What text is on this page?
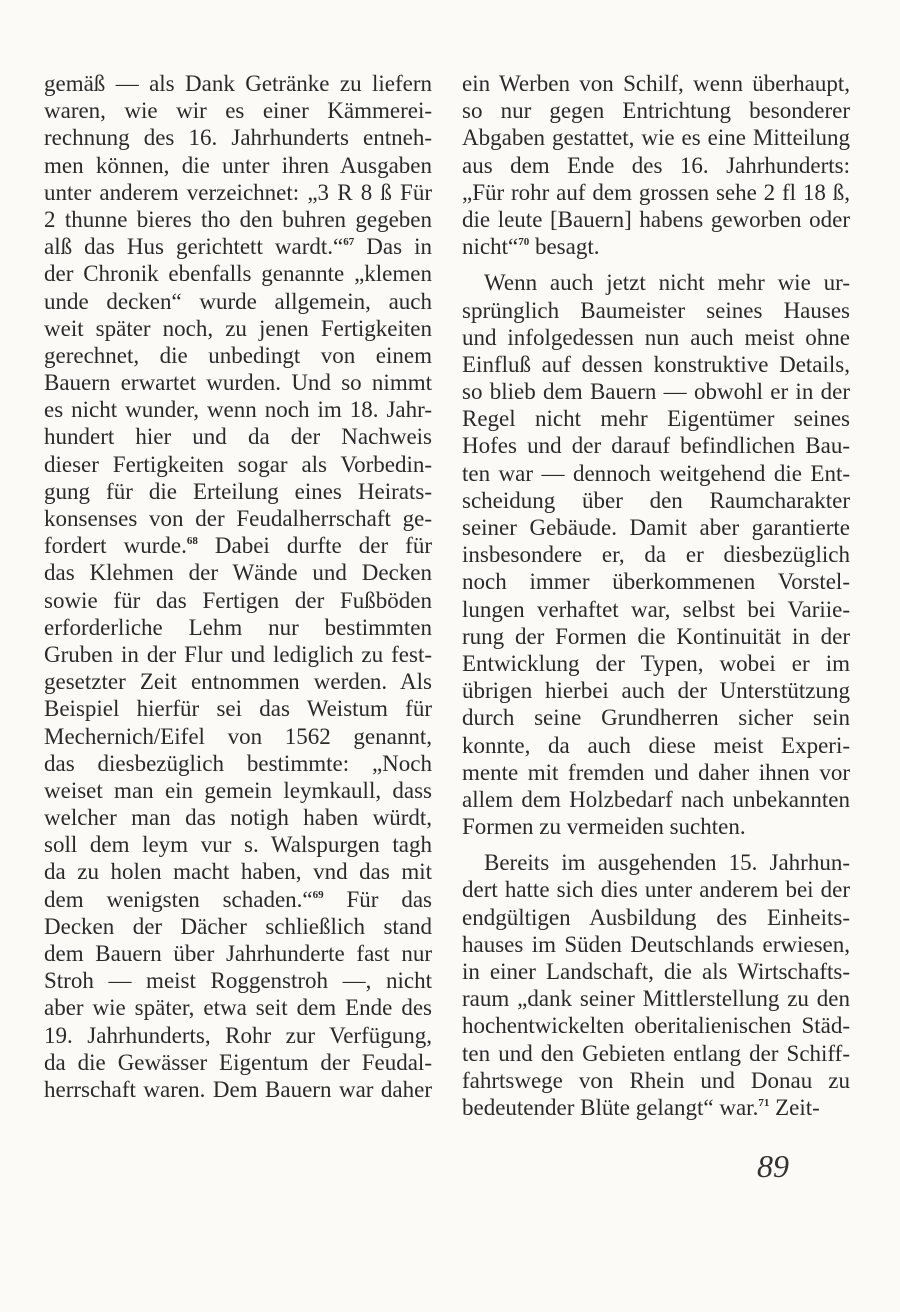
gemäß — als Dank Getränke zu liefern
waren, wie wir es einer Kämmerei-
rechnung des 16. Jahrhunderts entneh-
men können, die unter ihren Ausgaben
unter anderem verzeichnet: „3 R 8 ß Für
2 thunne bieres tho den buhren gegeben
alß das Hus gerichtett wardt.“$^{67}$ Das in
der Chronik ebenfalls genannte „klemen
unde decken“ wurde allgemein, auch
weit später noch, zu jenen Fertigkeiten
gerechnet, die unbedingt von einem
Bauern erwartet wurden. Und so nimmt
es nicht wunder, wenn noch im 18. Jahr-
hundert hier und da der Nachweis
dieser Fertigkeiten sogar als Vorbedin-
gung für die Erteilung eines Heirats-
konsenses von der Feudalherrschaft ge-
fordert wurde.$^{68}$ Dabei durfte der für
das Klehmen der Wände und Decken
sowie für das Fertigen der Fußböden
erforderliche Lehm nur bestimmten
Gruben in der Flur und lediglich zu fest-
gesetzter Zeit entnommen werden. Als
Beispiel hierfür sei das Weistum für
Mechernich/Eifel von 1562 genannt,
das diesbezüglich bestimmte: „Noch
weiset man ein gemein leymkaull, dass
welcher man das notigh haben würdt,
soll dem leym vur s. Walspurgen tagh
da zu holen macht haben, vnd das mit
dem wenigsten schaden.“$^{69}$ Für das
Decken der Dächer schließlich stand
dem Bauern über Jahrhunderte fast nur
Stroh — meist Roggenstroh —, nicht
aber wie später, etwa seit dem Ende des
19. Jahrhunderts, Rohr zur Verfügung,
da die Gewässer Eigentum der Feudal-
herrschaft waren. Dem Bauern war daher
ein Werben von Schilf, wenn überhaupt,
so nur gegen Entrichtung besonderer
Abgaben gestattet, wie es eine Mitteilung
aus dem Ende des 16. Jahrhunderts:
„Für rohr auf dem grossen sehe 2 fl 18 ß,
die leute [Bauern] habens geworben oder
nicht“$^{70}$ besagt.
Wenn auch jetzt nicht mehr wie ur-
sprünglich Baumeister seines Hauses
und infolgedessen nun auch meist ohne
Einfluß auf dessen konstruktive Details,
so blieb dem Bauern — obwohl er in der
Regel nicht mehr Eigentümer seines
Hofes und der darauf befindlichen Bau-
ten war — dennoch weitgehend die Ent-
scheidung über den Raumcharakter
seiner Gebäude. Damit aber garantierte
insbesondere er, da er diesbezüglich
noch immer überkommenen Vorstel-
lungen verhaftet war, selbst bei Variie-
rung der Formen die Kontinuität in der
Entwicklung der Typen, wobei er im
übrigen hierbei auch der Unterstützung
durch seine Grundherren sicher sein
konnte, da auch diese meist Experi-
mente mit fremden und daher ihnen vor
allem dem Holzbedarf nach unbekannten
Formen zu vermeiden suchten.
Bereits im ausgehenden 15. Jahrhun-
dert hatte sich dies unter anderem bei der
endgültigen Ausbildung des Einheits-
hauses im Süden Deutschlands erwiesen,
in einer Landschaft, die als Wirtschafts-
raum „dank seiner Mittlerstellung zu den
hochentwickelten oberitalienischen Städ-
ten und den Gebieten entlang der Schiff-
fahrtswege von Rhein und Donau zu
bedeutender Blüte gelangt“ war.$^{71}$ Zeit-
89
